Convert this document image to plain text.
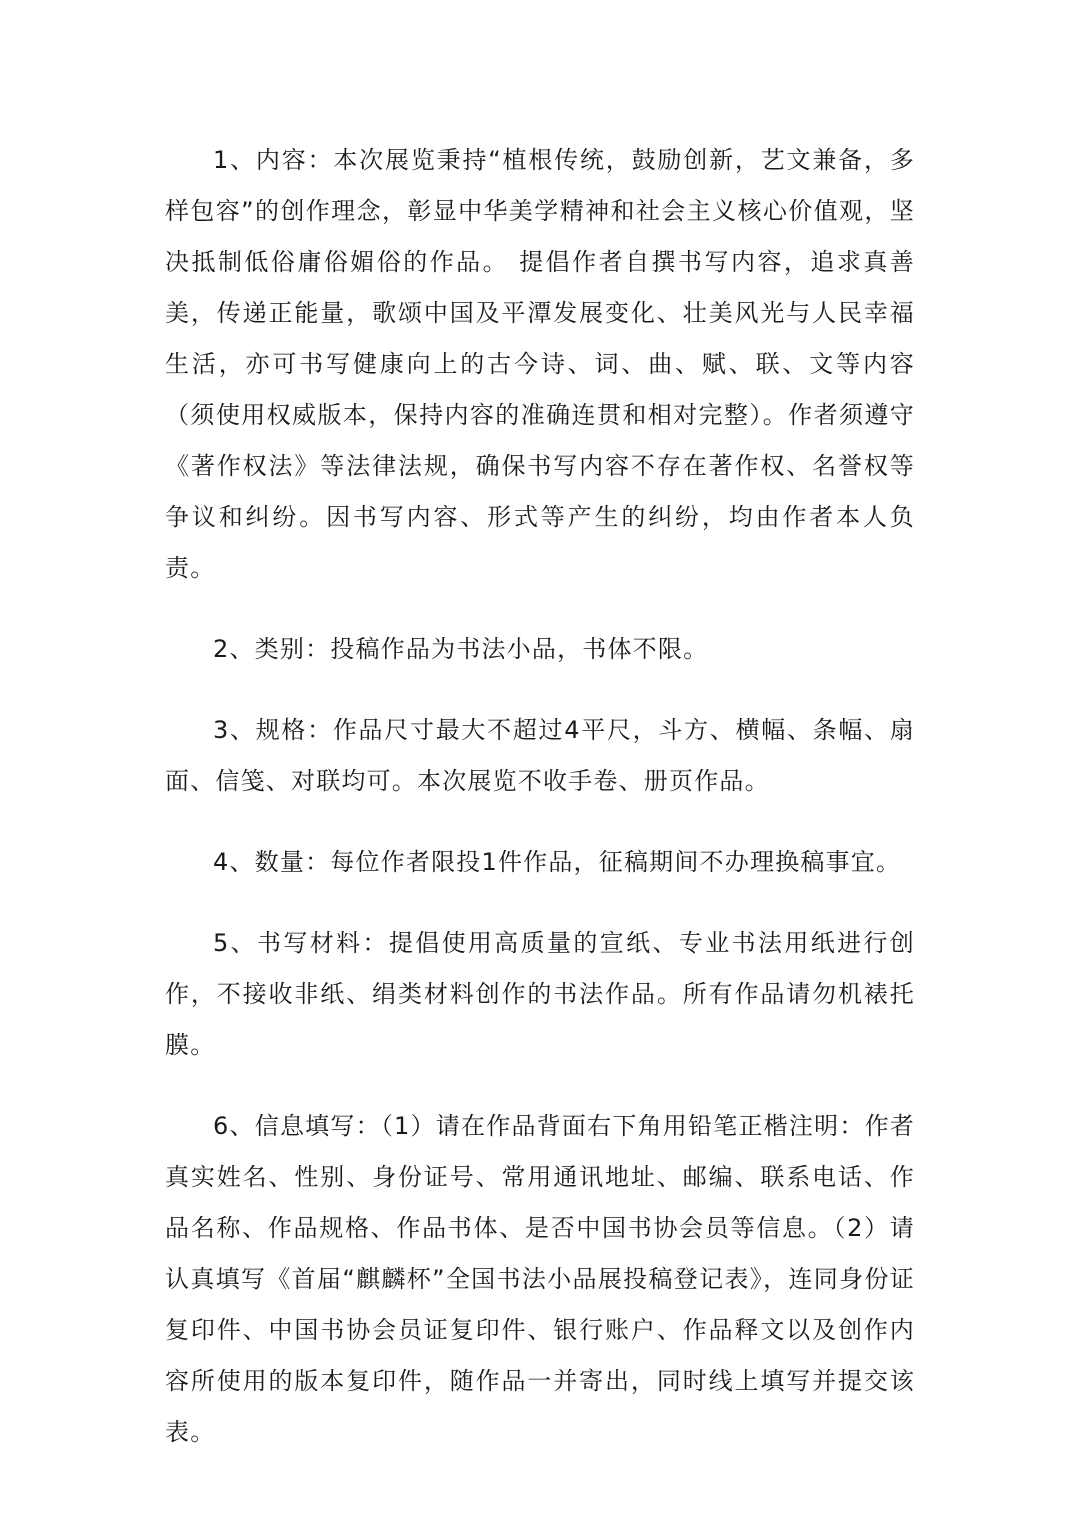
1、内容：本次展览秉持“植根传统，鼓励创新，艺文兼备，多样包容”的创作理念，彰显中华美学精神和社会主义核心价值观，坚决抵制低俗庸俗媚俗的作品。 提倡作者自撰书写内容，追求真善美，传递正能量，歌颂中国及平潭发展变化、壮美风光与人民幸福生活，亦可书写健康向上的古今诗、词、曲、赋、联、文等内容（须使用权威版本，保持内容的准确连贯和相对完整）。作者须遵守《著作权法》等法律法规，确保书写内容不存在著作权、名誉权等争议和纠纷。因书写内容、形式等产生的纠纷，均由作者本人负责。

2、类别：投稿作品为书法小品，书体不限。

3、规格：作品尺寸最大不超过4平尺，斗方、横幅、条幅、扇面、信笺、对联均可。本次展览不收手卷、册页作品。

4、数量：每位作者限投1件作品，征稿期间不办理换稿事宜。

5、书写材料：提倡使用高质量的宣纸、专业书法用纸进行创作，不接收非纸、绢类材料创作的书法作品。所有作品请勿机裱托膜。

6、信息填写：（1）请在作品背面右下角用铅笔正楷注明：作者真实姓名、性别、身份证号、常用通讯地址、邮编、联系电话、作品名称、作品规格、作品书体、是否中国书协会员等信息。（2）请认真填写《首届“麒麟杯”全国书法小品展投稿登记表》，连同身份证复印件、中国书协会员证复印件、银行账户、作品释文以及创作内容所使用的版本复印件，随作品一并寄出，同时线上填写并提交该表。
